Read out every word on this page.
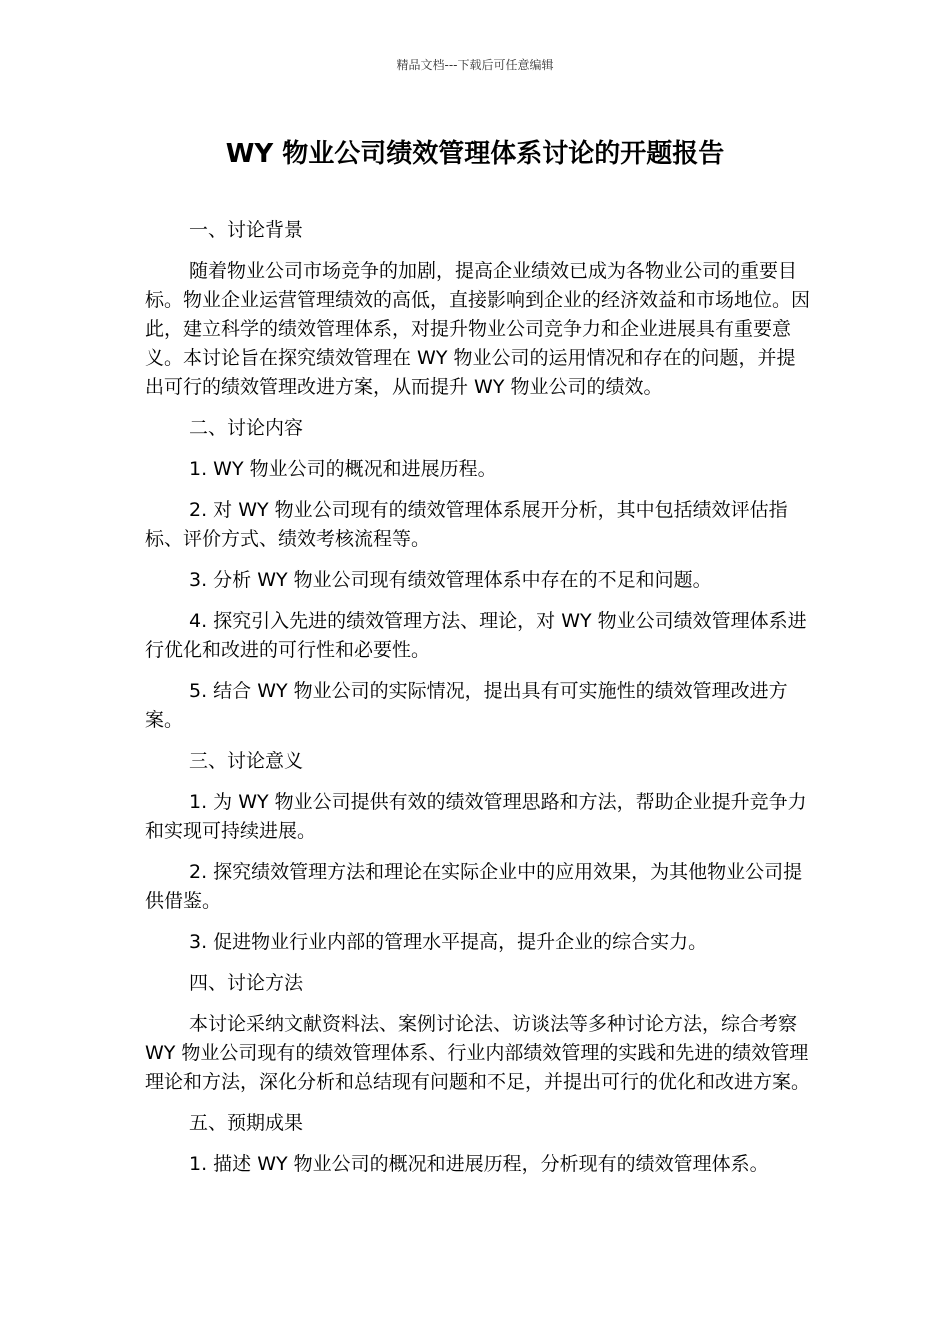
精品文档---下载后可任意编辑
WY 物业公司绩效管理体系讨论的开题报告

一、讨论背景

随着物业公司市场竞争的加剧，提高企业绩效已成为各物业公司的重要目标。物业企业运营管理绩效的高低，直接影响到企业的经济效益和市场地位。因此，建立科学的绩效管理体系，对提升物业公司竞争力和企业进展具有重要意义。本讨论旨在探究绩效管理在 WY 物业公司的运用情况和存在的问题，并提出可行的绩效管理改进方案，从而提升 WY 物业公司的绩效。

二、讨论内容

1. WY 物业公司的概况和进展历程。

2. 对 WY 物业公司现有的绩效管理体系展开分析，其中包括绩效评估指标、评价方式、绩效考核流程等。

3. 分析 WY 物业公司现有绩效管理体系中存在的不足和问题。

4. 探究引入先进的绩效管理方法、理论，对 WY 物业公司绩效管理体系进行优化和改进的可行性和必要性。

5. 结合 WY 物业公司的实际情况，提出具有可实施性的绩效管理改进方案。

三、讨论意义

1. 为 WY 物业公司提供有效的绩效管理思路和方法，帮助企业提升竞争力和实现可持续进展。

2. 探究绩效管理方法和理论在实际企业中的应用效果，为其他物业公司提供借鉴。

3. 促进物业行业内部的管理水平提高，提升企业的综合实力。

四、讨论方法

本讨论采纳文献资料法、案例讨论法、访谈法等多种讨论方法，综合考察 WY 物业公司现有的绩效管理体系、行业内部绩效管理的实践和先进的绩效管理理论和方法，深化分析和总结现有问题和不足，并提出可行的优化和改进方案。

五、预期成果

1. 描述 WY 物业公司的概况和进展历程，分析现有的绩效管理体系。
